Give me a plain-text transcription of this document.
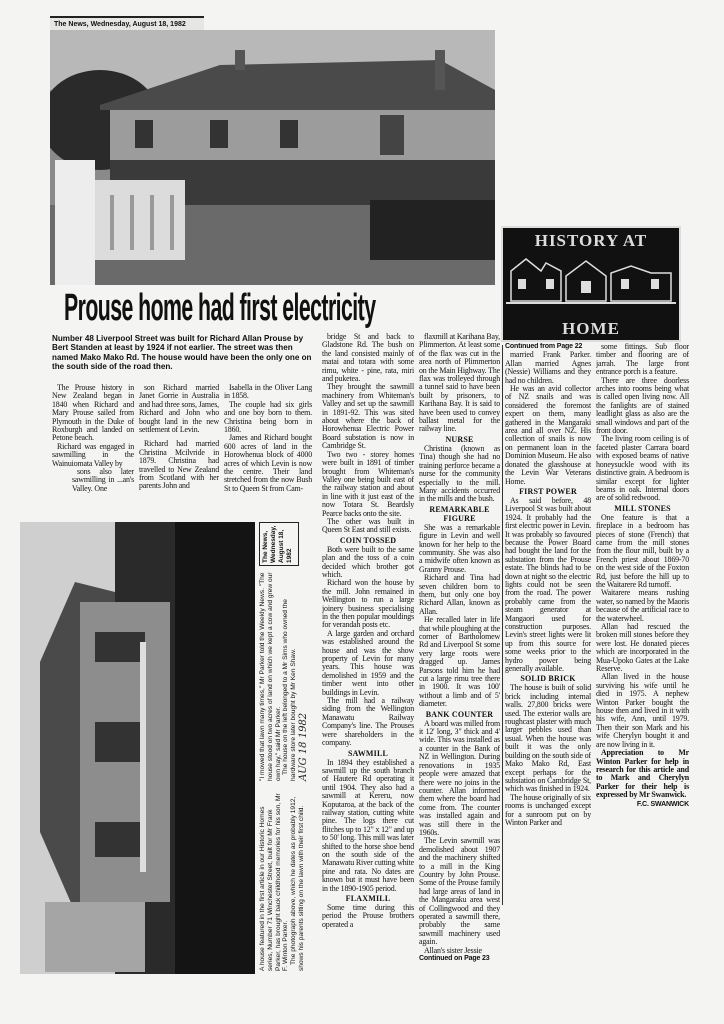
The News, Wednesday, August 18, 1982
HISTORY AT
HOME
Prouse home had first electricity
Number 48 Liverpool Street was built for Richard Allan Prouse by Bert Standen at least by 1924 if not earlier. The street was then named Mako Mako Rd. The house would have been the only one on the south side of the road then.

The Prouse history in New Zealand began in 1840 when Richard and Mary Prouse sailed from Plymouth in the Duke of Roxburgh and landed on Petone beach.

Richard was engaged in sawmilling in the Wainuiomata Valley by

sons also later sawmilling in ...an's Valley. One

son Richard married Janet Gorrie in Australia and had three sons, James, Richard and John who bought land in the new settlement of Levin.

Richard had married Christina Mcilvride in 1879. Christina had travelled to New Zealand from Scotland with her parents John and

Isabella in the Oliver Lang in 1858.

The couple had six girls and one boy born to them. Christina being born in 1860.

James and Richard bought 600 acres of land in the Horowhenua block of 4000 acres of which Levin is now the centre. Their land stretched from the now Bush St to Queen St from Cam-

bridge St and back to Gladstone Rd. The bush on the land consisted mainly of matai and totara with some rimu, white - pine, rata, miri and puketea.

They brought the sawmill machinery from Whiteman's Valley and set up the sawmill in 1891-92. This was sited about where the back of Horowhenua Electric Power Board substation is now in Cambridge St.

Two two - storey homes were built in 1891 of timber brought from Whiteman's Valley one being built east of the railway station and about in line with it just east of the now Totara St. Beardsly Pearce backs onto the site.

The other was built in Queen St East and still exists.

COIN TOSSED

Both were built to the same plan and the toss of a coin decided which brother got which.

Richard won the house by the mill. John remained in Wellington to run a large joinery business specialising in the then popular mouldings for verandah posts etc.

A large garden and orchard was established around the house and was the show property of Levin for many years. This house was demolished in 1959 and the timber went into other buildings in Levin.

The mill had a railway siding from the Wellington Manawatu Railway Company's line. The Prouses were shareholders in the company.

SAWMILL

In 1894 they established a sawmill up the south branch of Hautere Rd operating it until 1904. They also had a sawmill at Kereru, now Koputaroa, at the back of the railway station, cutting white pine. The logs there cut flitches up to 12" x 12" and up to 50' long. This mill was later shifted to the horse shoe bend on the south side of the Manawatu River cutting white pine and rata. No dates are known but it must have been in the 1890-1905 period.

FLAXMILL

Some time during this period the Prouse brothers operated a

flaxmill at Karihana Bay, Plimmerton. At least some of the flax was cut in the area north of Plimmerton on the Main Highway. The flax was trolleyed through a tunnel said to have been built by prisoners, to Karihana Bay. It is said to have been used to convey ballast metal for the railway line.

NURSE

Christina (known as Tina) though she had no training perforce became a nurse for the community especially to the mill. Many accidents occurred in the mills and the bush.

REMARKABLE FIGURE

She was a remarkable figure in Levin and well known for her help to the community. She was also a midwife often known as Granny Prouse.

Richard and Tina had seven children born to them, but only one boy Richard Allan, known as Allan.

He recalled later in life that while ploughing at the corner of Bartholomew Rd and Liverpool St some very large roots were dragged up. James Parsons told him he had cut a large rimu tree there in 1900. It was 100' without a limb and of 5' diameter.

BANK COUNTER

A board was milled from it 12' long, 3" thick and 4' wide. This was installed as a counter in the Bank of NZ in Wellington. During renovations in 1935 people were amazed that there were no joins in the counter. Allan informed them where the board had come from. The counter was installed again and was still there in the 1960s.

The Levin sawmill was demolished about 1907 and the machinery shifted to a mill in the King Country by John Prouse. Some of the Prouse family had large areas of land in the Mangaraku area west of Collingwood and they operated a sawmill there, probably the same sawmill machinery used again.

Allan's sister Jessie

Continued on Page 23

Continued from Page 22

married Frank Parker. Allan married Agnes (Nessie) Williams and they had no children.

He was an avid collector of NZ snails and was considered the foremost expert on them, many gathered in the Mangaraki area and all over NZ. His collection of snails is now on permanent loan in the Dominion Museum. He also donated the glasshouse at the Levin War Veterans Home.

FIRST POWER

As said before, 48 Liverpool St was built about 1924. It probably had the first electric power in Levin. It was probably so favoured because the Power Board had bought the land for the substation from the Prouse estate. The blinds had to be down at night so the electric lights could not be seen from the road. The power probably came from the steam generator at Mangaori used for construction purposes. Levin's street lights were lit up from this source for some weeks prior to the hydro power being generally available.

SOLID BRICK

The house is built of solid brick including internal walls. 27,800 bricks were used. The exterior walls are roughcast plaster with much larger pebbles used than usual. When the house was built it was the only building on the south side of Mako Mako Rd, East except perhaps for the substation on Cambridge St, which was finished in 1924.

The house originally of six rooms is unchanged except for a sunroom put on by Winton Parker and

some fittings. Sub floor timber and flooring are of jarrah. The large front entrance porch is a feature.

There are three doorless arches into rooms being what is called open living now. All the fanlights are of stained leadlight glass as also are the small windows and part of the front door.

The living room ceiling is of faceted plaster Carrara board with exposed beams of native honeysuckle wood with its distinctive grain. A bedroom is similar except for lighter beams in oak. Internal doors are of solid redwood.

MILL STONES

One feature is that a fireplace in a bedroom has pieces of stone (French) that came from the mill stones from the flour mill, built by a French priest about 1869-70 on the west side of the Foxton Rd, just before the hill up to the Waitarere Rd turnoff.

Waitarere means rushing water, so named by the Maoris because of the artificial race to the waterwheel.

Allan had rescued the broken mill stones before they were lost. He donated pieces which are incorporated in the Mua-Upoko Gates at the Lake Reserve.

Allan lived in the house surviving his wife until he died in 1975. A nephew Winton Parker bought the house then and lived in it with his wife, Ann, until 1979. Then their son Mark and his wife Cherylyn bought it and are now living in it.

Appreciation to Mr Winton Parker for help in research for this article and to Mark and Cherylyn Parker for their help is expressed by Mr Swanwick.

F.C. SWANWICK

A house featured in the first article in our Historic Homes series, Number 71 Winchester Street, built for Mr Frank Parker, has brought back childhood memories for his son, Mr F. Winton Parker. The photograph above, which he dates as probably 1912, shows his parents sitting on the lawn with their first child.

"I mowed that lawn many times," Mr Parker told the Weekly News. "The house stood on two acres of land on which we kept a cow and grew our own hay," said Mr Parker. The house on the left belonged to a Mr Sims who owned the hardware store later bought by Mr Ken Shaw. AUG 18 1982
The News, Wednesday, August 18, 1982
